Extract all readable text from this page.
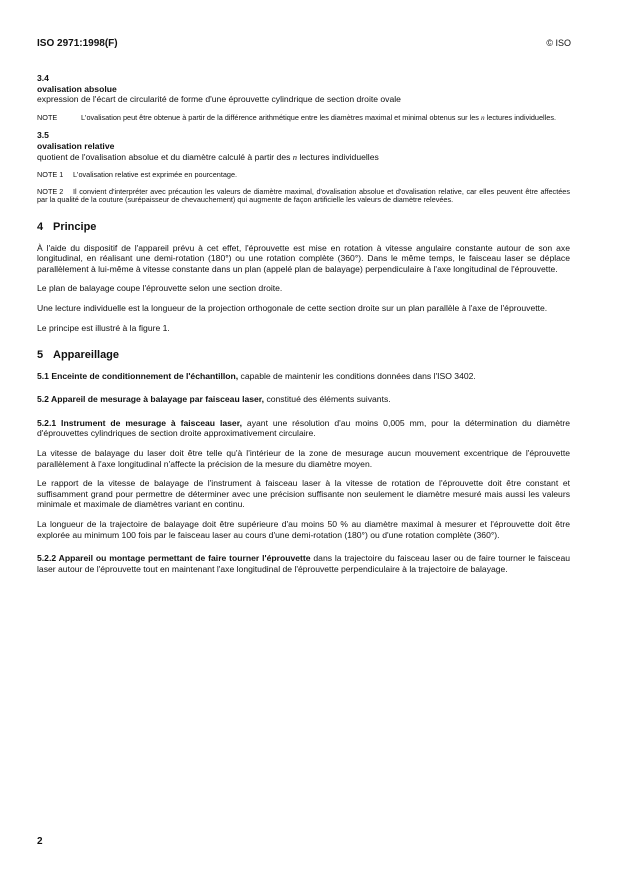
ISO 2971:1998(F)	© ISO
3.4
ovalisation absolue
expression de l'écart de circularité de forme d'une éprouvette cylindrique de section droite ovale
NOTE	L'ovalisation peut être obtenue à partir de la différence arithmétique entre les diamètres maximal et minimal obtenus sur les n lectures individuelles.
3.5
ovalisation relative
quotient de l'ovalisation absolue et du diamètre calculé à partir des n lectures individuelles
NOTE 1 L'ovalisation relative est exprimée en pourcentage.
NOTE 2 Il convient d'interpréter avec précaution les valeurs de diamètre maximal, d'ovalisation absolue et d'ovalisation relative, car elles peuvent être affectées par la qualité de la couture (surépaisseur de chevauchement) qui augmente de façon artificielle les valeurs de diamètre relevées.
4 Principe

À l'aide du dispositif de l'appareil prévu à cet effet, l'éprouvette est mise en rotation à vitesse angulaire constante autour de son axe longitudinal, en réalisant une demi-rotation (180°) ou une rotation complète (360°). Dans le même temps, le faisceau laser se déplace parallèlement à lui-même à vitesse constante dans un plan (appelé plan de balayage) perpendiculaire à l'axe longitudinal de l'éprouvette.

Le plan de balayage coupe l'éprouvette selon une section droite.

Une lecture individuelle est la longueur de la projection orthogonale de cette section droite sur un plan parallèle à l'axe de l'éprouvette.

Le principe est illustré à la figure 1.

5 Appareillage

5.1 Enceinte de conditionnement de l'échantillon, capable de maintenir les conditions données dans l'ISO 3402.

5.2 Appareil de mesurage à balayage par faisceau laser, constitué des éléments suivants.

5.2.1 Instrument de mesurage à faisceau laser, ayant une résolution d'au moins 0,005 mm, pour la détermination du diamètre d'éprouvettes cylindriques de section droite approximativement circulaire.

La vitesse de balayage du laser doit être telle qu'à l'intérieur de la zone de mesurage aucun mouvement excentrique de l'éprouvette parallèlement à l'axe longitudinal n'affecte la précision de la mesure du diamètre moyen.

Le rapport de la vitesse de balayage de l'instrument à faisceau laser à la vitesse de rotation de l'éprouvette doit être constant et suffisamment grand pour permettre de déterminer avec une précision suffisante non seulement le diamètre mesuré mais aussi les valeurs minimale et maximale de diamètres variant en continu.

La longueur de la trajectoire de balayage doit être supérieure d'au moins 50 % au diamètre maximal à mesurer et l'éprouvette doit être explorée au minimum 100 fois par le faisceau laser au cours d'une demi-rotation (180°) ou d'une rotation complète (360°).

5.2.2 Appareil ou montage permettant de faire tourner l'éprouvette dans la trajectoire du faisceau laser ou de faire tourner le faisceau laser autour de l'éprouvette tout en maintenant l'axe longitudinal de l'éprouvette perpendiculaire à la trajectoire de balayage.

2
